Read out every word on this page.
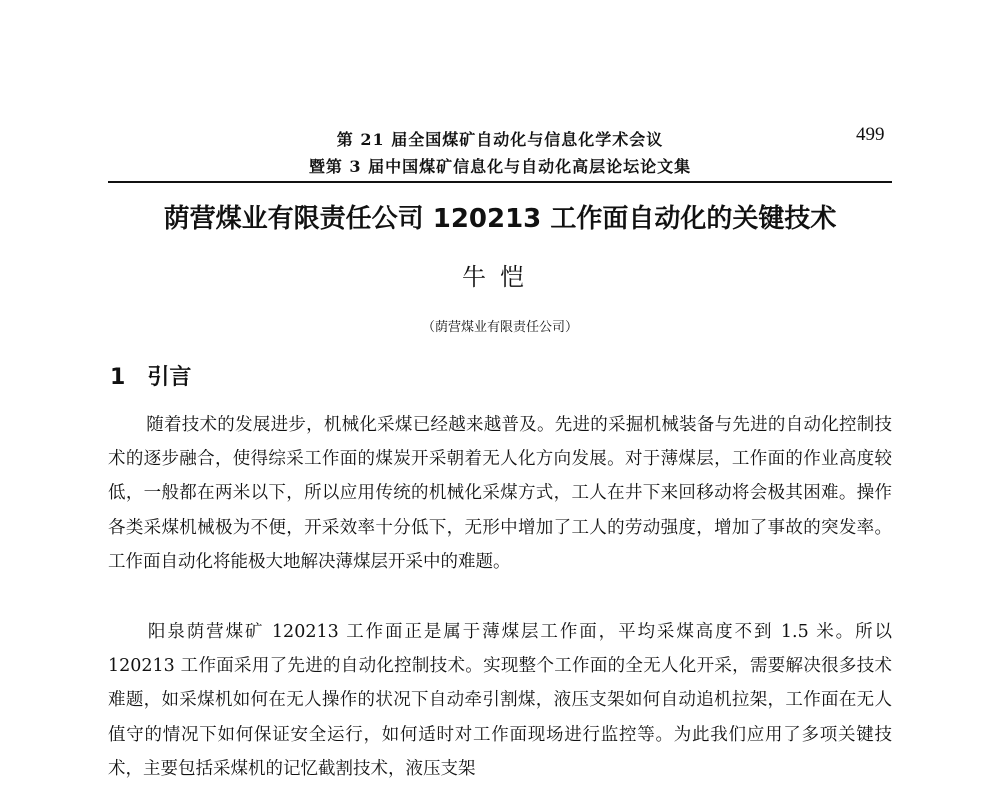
第 21 届全国煤矿自动化与信息化学术会议
暨第 3 届中国煤矿信息化与自动化高层论坛论文集
499
荫营煤业有限责任公司 120213 工作面自动化的关键技术
牛恺
（荫营煤业有限责任公司）
1 引言
随着技术的发展进步，机械化采煤已经越来越普及。先进的采掘机械装备与先进的自动化控制技术的逐步融合，使得综采工作面的煤炭开采朝着无人化方向发展。对于薄煤层，工作面的作业高度较低，一般都在两米以下，所以应用传统的机械化采煤方式，工人在井下来回移动将会极其困难。操作各类采煤机械极为不便，开采效率十分低下，无形中增加了工人的劳动强度，增加了事故的突发率。工作面自动化将能极大地解决薄煤层开采中的难题。
阳泉荫营煤矿 120213 工作面正是属于薄煤层工作面，平均采煤高度不到 1.5 米。所以 120213 工作面采用了先进的自动化控制技术。实现整个工作面的全无人化开采，需要解决很多技术难题，如采煤机如何在无人操作的状况下自动牵引割煤，液压支架如何自动追机拉架，工作面在无人值守的情况下如何保证安全运行，如何适时对工作面现场进行监控等。为此我们应用了多项关键技术，主要包括采煤机的记忆截割技术，液压支架
